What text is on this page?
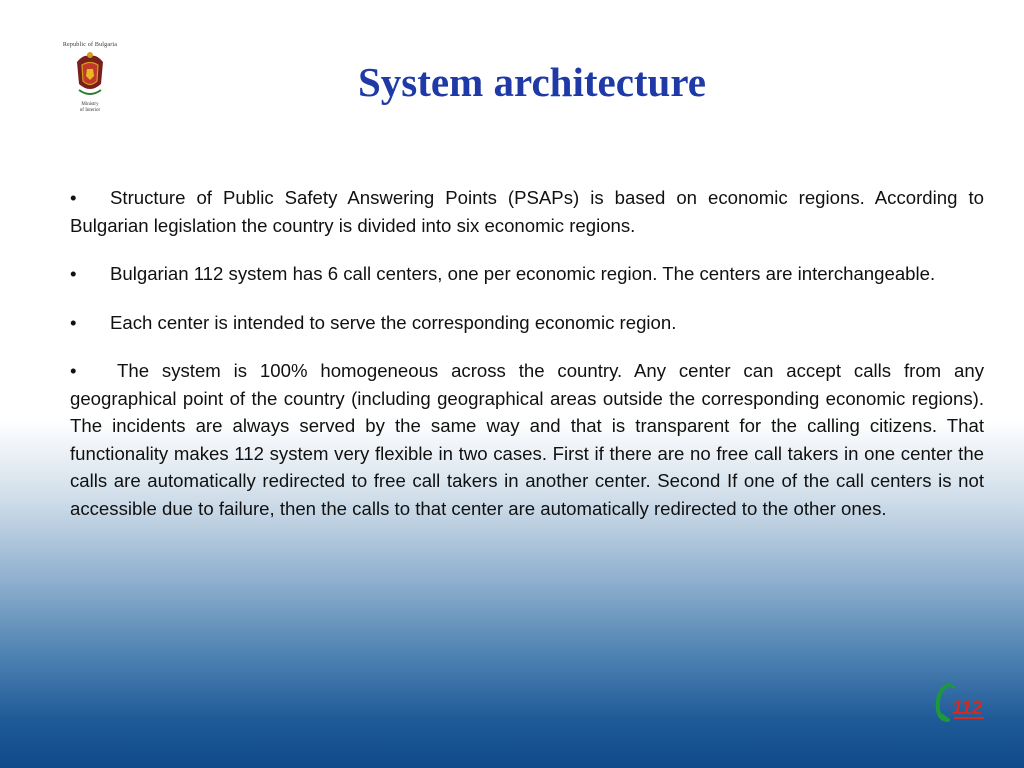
Republic of Bulgaria
Ministry
of Interior
System architecture

• Structure of Public Safety Answering Points (PSAPs) is based on economic regions. According to Bulgarian legislation the country is divided into six economic regions.

• Bulgarian 112 system has 6 call centers, one per economic region. The centers are interchangeable.

• Each center is intended to serve the corresponding economic region.

• The system is 100% homogeneous across the country. Any center can accept calls from any geographical point of the country (including geographical areas outside the corresponding economic regions). The incidents are always served by the same way and that is transparent for the calling citizens. That functionality makes 112 system very flexible in two cases. First if there are no free call takers in one center the calls are automatically redirected to free call takers in another center. Second If one of the call centers is not accessible due to failure, then the calls to that center are automatically redirected to the other ones.

112
